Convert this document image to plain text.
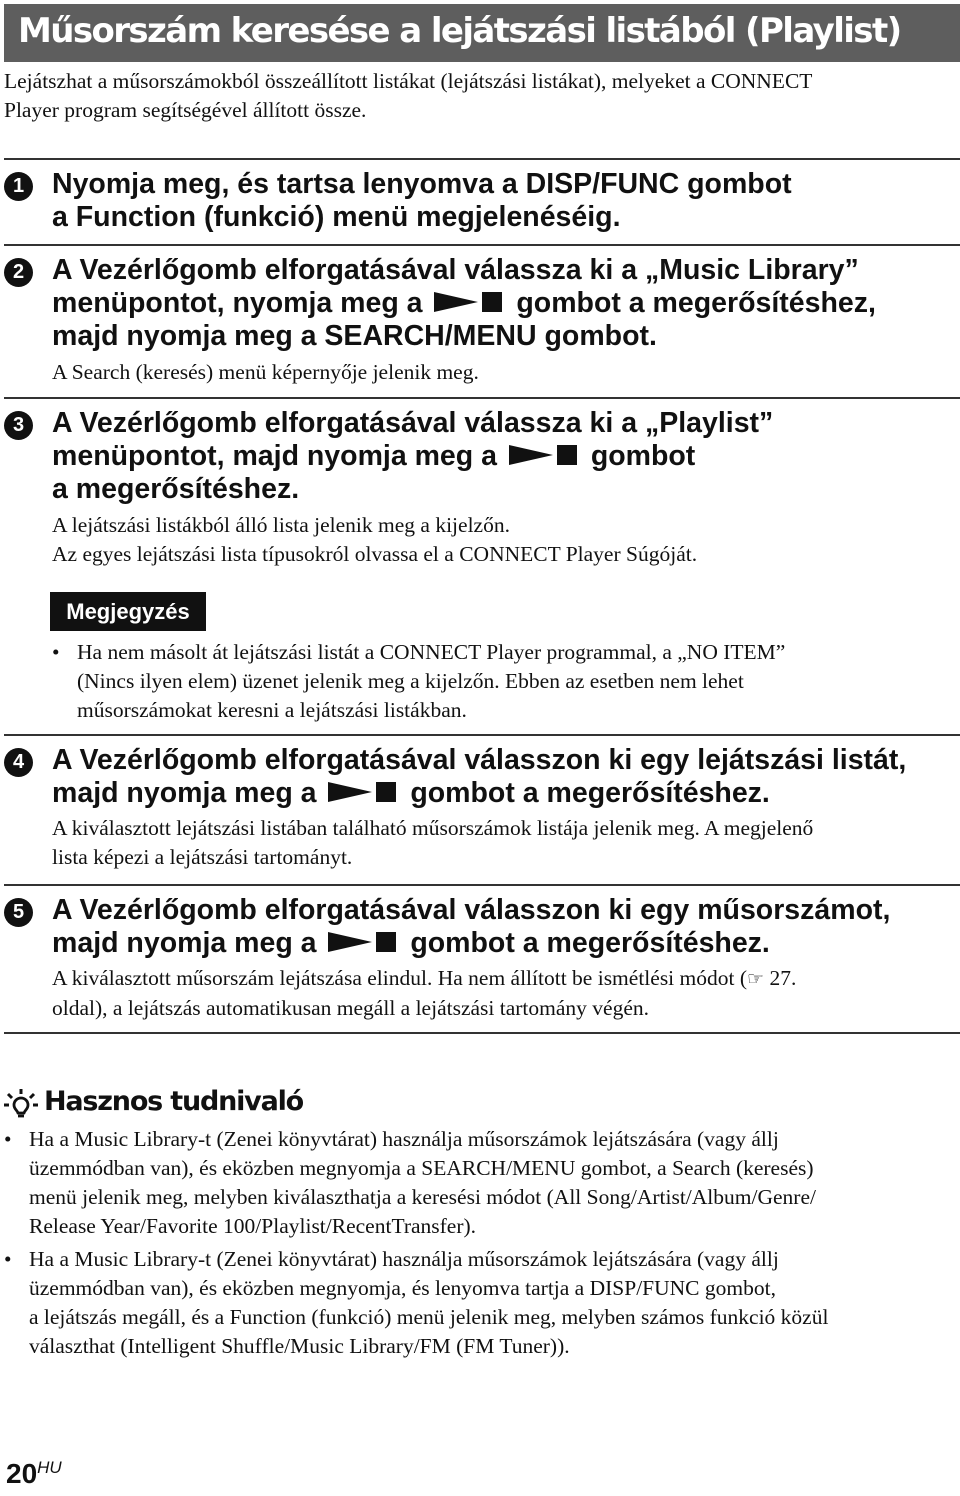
Műsorszám keresése a lejátszási listából (Playlist)
Lejátszhat a műsorszámokból összeállított listákat (lejátszási listákat), melyeket a CONNECT
Player program segítségével állított össze.
1 Nyomja meg, és tartsa lenyomva a DISP/FUNC gombot
a Function (funkció) menü megjelenéséig.
2 A Vezérlőgomb elforgatásával válassza ki a „Music Library”
menüpontot, nyomja meg a	gombot a megerősítéshez,
majd nyomja meg a SEARCH/MENU gombot.
A Search (keresés) menü képernyője jelenik meg.
3 A Vezérlőgomb elforgatásával válassza ki a „Playlist”
menüpontot, majd nyomja meg a	gombot
a megerősítéshez.
A lejátszási listákból álló lista jelenik meg a kijelzőn.
Az egyes lejátszási lista típusokról olvassa el a CONNECT Player Súgóját.
Megjegyzés
• Ha nem másolt át lejátszási listát a CONNECT Player programmal, a „NO ITEM”
(Nincs ilyen elem) üzenet jelenik meg a kijelzőn. Ebben az esetben nem lehet
műsorszámokat keresni a lejátszási listákban.
4 A Vezérlőgomb elforgatásával válasszon ki egy lejátszási listát,
majd nyomja meg a	gombot a megerősítéshez.
A kiválasztott lejátszási listában található műsorszámok listája jelenik meg. A megjelenő
lista képezi a lejátszási tartományt.
5 A Vezérlőgomb elforgatásával válasszon ki egy műsorszámot,
majd nyomja meg a	gombot a megerősítéshez.
A kiválasztott műsorszám lejátszása elindul. Ha nem állított be ismétlési módot (☞ 27.
oldal), a lejátszás automatikusan megáll a lejátszási tartomány végén.
Hasznos tudnivaló
• Ha a Music Library-t (Zenei könyvtárat) használja műsorszámok lejátszására (vagy állj
üzemmódban van), és eközben megnyomja a SEARCH/MENU gombot, a Search (keresés)
menü jelenik meg, melyben kiválaszthatja a keresési módot (All Song/Artist/Album/Genre/
Release Year/Favorite 100/Playlist/RecentTransfer).
• Ha a Music Library-t (Zenei könyvtárat) használja műsorszámok lejátszására (vagy állj
üzemmódban van), és eközben megnyomja, és lenyomva tartja a DISP/FUNC gombot,
a lejátszás megáll, és a Function (funkció) menü jelenik meg, melyben számos funkció közül
választhat (Intelligent Shuffle/Music Library/FM (FM Tuner)).
20HU
